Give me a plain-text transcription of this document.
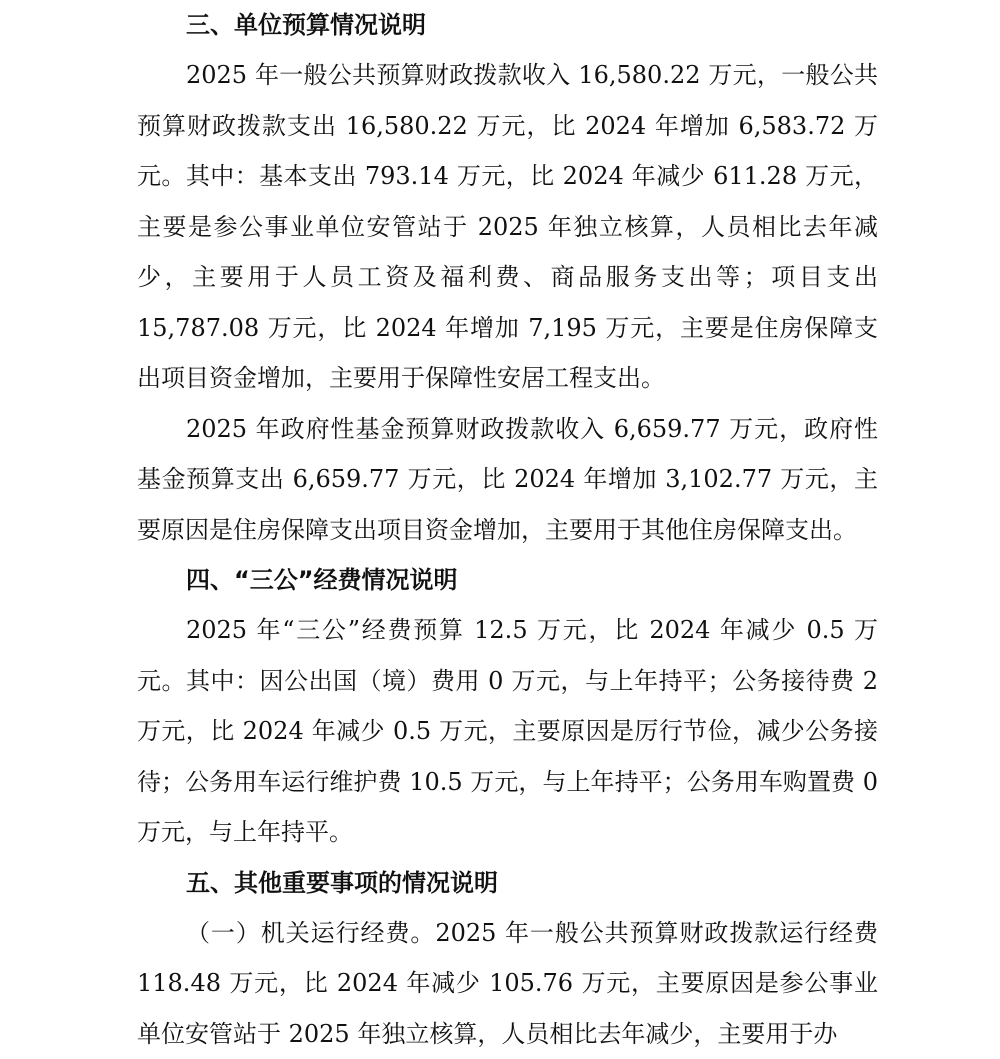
三、单位预算情况说明

2025 年一般公共预算财政拨款收入 16,580.22 万元，一般公共预算财政拨款支出 16,580.22 万元，比 2024 年增加 6,583.72 万元。其中：基本支出 793.14 万元，比 2024 年减少 611.28 万元，主要是参公事业单位安管站于 2025 年独立核算，人员相比去年减少，主要用于人员工资及福利费、商品服务支出等；项目支出 15,787.08 万元，比 2024 年增加 7,195 万元，主要是住房保障支出项目资金增加，主要用于保障性安居工程支出。

2025 年政府性基金预算财政拨款收入 6,659.77 万元，政府性基金预算支出 6,659.77 万元，比 2024 年增加 3,102.77 万元，主要原因是住房保障支出项目资金增加，主要用于其他住房保障支出。

四、“三公”经费情况说明

2025 年“三公”经费预算 12.5 万元，比 2024 年减少 0.5 万元。其中：因公出国（境）费用 0 万元，与上年持平；公务接待费 2 万元，比 2024 年减少 0.5 万元，主要原因是厉行节俭，减少公务接待；公务用车运行维护费 10.5 万元，与上年持平；公务用车购置费 0 万元，与上年持平。

五、其他重要事项的情况说明

（一）机关运行经费。2025 年一般公共预算财政拨款运行经费 118.48 万元，比 2024 年减少 105.76 万元，主要原因是参公事业单位安管站于 2025 年独立核算，人员相比去年减少，主要用于办
